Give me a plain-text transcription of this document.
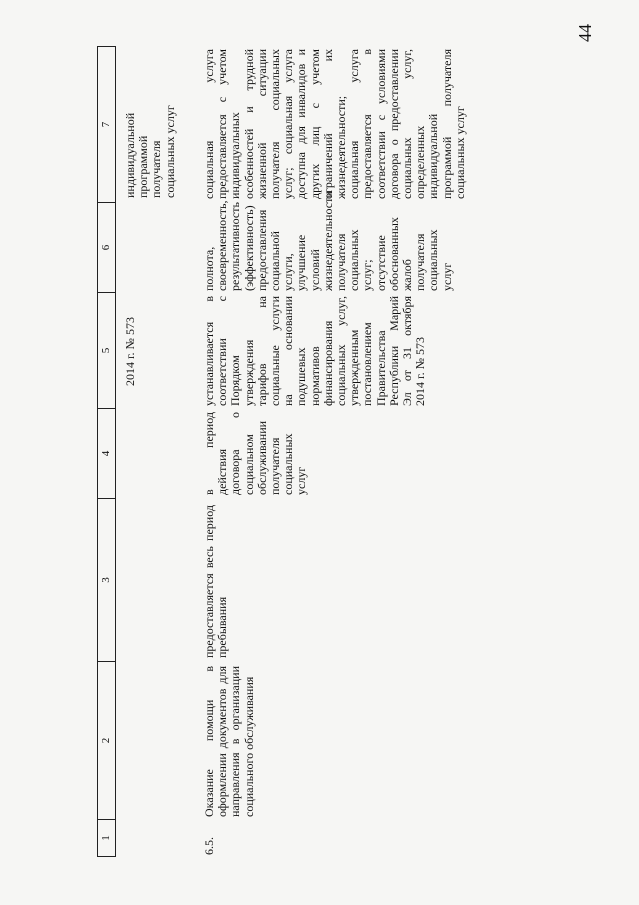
44
1
2
3
4
5
6
7
2014 г. № 573
индивидуальной программой получателя социальных услуг
6.5.
Оказание помощи в оформлении документов для направления в организации социального обслуживания
предоставляется весь период пребывания
в период действия договора о социальном обслуживании получателя социальных услуг
устанавливается в соответствии с Порядком утверждения тарифов на социальные услуги на основании подушевых нормативов финансирования социальных услуг, утвержденным постановлением Правительства Республики Марий Эл от 31 октября 2014 г. № 573
полнота, своевременность, результативность (эффективность) предоставления социальной услуги, улучшение условий жизнедеятельности получателя социальных услуг; отсутствие обоснованных жалоб получателя социальных услуг
социальная услуга предоставляется с учетом индивидуальных особенностей и трудной жизненной ситуации получателя социальных услуг; социальная услуга доступна для инвалидов и других лиц с учетом ограничений их жизнедеятельности; социальная услуга предоставляется в соответствии с условиями договора о предоставлении социальных услуг, определенных индивидуальной программой получателя социальных услуг
